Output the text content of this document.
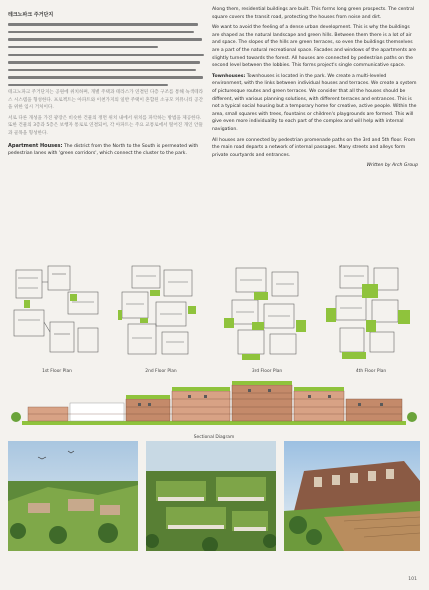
테크노파크 주거단지

테크노파크 주거단지는 공원에 위치하며, 개별 주택과 테라스가 연결된 다층 구조를 통해 녹색테라스 시스템을 형성한다. 프로젝트는 아파트와 이천가지의 일반 주택이 혼합된 소규모 커뮤니티 공간을 위한 임시 거처이다.

서로 다른 개성을 가진 광장은 비슷한 건물의 정면 위치 내에서 위치를 파악하는 방법을 제공한다. 또한 건물의 3층과 5층은 보행자 통로로 연결되어, 각 아파트는 주요 교통로에서 떨어진 개인 안뜰과 골목을 형성한다.

Apartment Houses: The district from the North to the South is permeated with pedestrian lanes with 'green corridors', which connect the cluster to the park.

Along them, residential buildings are built. This forms long green prospects. The central square covers the transit road, protecting the houses from noise and dirt.

We want to avoid the feeling of a dense urban development. This is why the buildings are shaped as the natural landscape and green hills. Between them there is a lot of air and space. The slopes of the hills are green terraces, so even the buildings themselves are a part of the natural recreational space. Facades and windows of the apartments are slightly turned towards the forest. All houses are connected by pedestrian paths on the second level between the lobbies. This forms project's single communicative space.

Townhouses: Townhouses is located in the park. We create a multi-leveled environment, with the links between individual houses and terraces. We create a system of picturesque routes and green terraces. We consider that all the houses should be different, with various planning solutions, with different terraces and entrances. This is not a typical social housing but a temporary home for creative, active people. Within the area, small squares with trees, fountains or children's playgrounds are formed. This will give even more individuality to each part of the complex and will help with internal navigation.

All houses are connected by pedestrian promenade paths on the 3rd and 5th floor. From the main road departs a network of internal passages. Many streets and alleys form private courtyards and entrances.

Written by Arch Group
1st Floor Plan	2nd Floor Plan	3rd Floor Plan	4th Floor Plan
Sectional Diagram
101
